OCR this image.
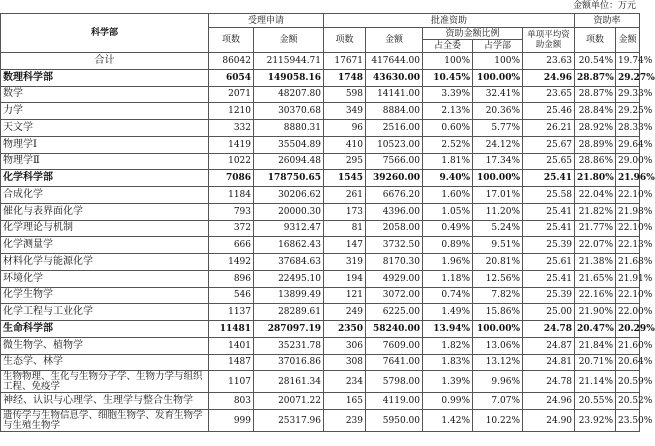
金额单位：万元
科学部	受理申请		批准资助					资助率	
	项数	金额	项数	金额	资助金额比例		单项平均资助金额	项数	金额
					占全委	占学部			
合计	86042	2115944.71	17671	417644.00	100%	100%	23.63	20.54%	19.74%
数理科学部	6054	149058.16	1748	43630.00	10.45%	100.00%	24.96	28.87%	29.27%
数学	2071	48207.80	598	14141.00	3.39%	32.41%	23.65	28.87%	29.33%
力学	1210	30370.68	349	8884.00	2.13%	20.36%	25.46	28.84%	29.25%
天文学	332	8880.31	96	2516.00	0.60%	5.77%	26.21	28.92%	28.33%
物理学Ⅰ	1419	35504.89	410	10523.00	2.52%	24.12%	25.67	28.89%	29.64%
物理学Ⅱ	1022	26094.48	295	7566.00	1.81%	17.34%	25.65	28.86%	29.00%
化学科学部	7086	178750.65	1545	39260.00	9.40%	100.00%	25.41	21.80%	21.96%
合成化学	1184	30206.62	261	6676.20	1.60%	17.01%	25.58	22.04%	22.10%
催化与表界面化学	793	20000.30	173	4396.00	1.05%	11.20%	25.41	21.82%	21.98%
化学理论与机制	372	9312.47	81	2058.00	0.49%	5.24%	25.41	21.77%	22.10%
化学测量学	666	16862.43	147	3732.50	0.89%	9.51%	25.39	22.07%	22.13%
材料化学与能源化学	1492	37684.63	319	8170.30	1.96%	20.81%	25.61	21.38%	21.68%
环境化学	896	22495.10	194	4929.00	1.18%	12.56%	25.41	21.65%	21.91%
化学生物学	546	13899.49	121	3072.00	0.74%	7.82%	25.39	22.16%	22.10%
化学工程与工业化学	1137	28289.61	249	6225.00	1.49%	15.86%	25.00	21.90%	22.00%
生命科学部	11481	287097.19	2350	58240.00	13.94%	100.00%	24.78	20.47%	20.29%
微生物学、植物学	1401	35231.78	306	7609.00	1.82%	13.06%	24.87	21.84%	21.60%
生态学、林学	1487	37016.86	308	7641.00	1.83%	13.12%	24.81	20.71%	20.64%
生物物理、生化与生物分子学、生物力学与组织工程、免疫学	1107	28161.34	234	5798.00	1.39%	9.96%	24.78	21.14%	20.59%
神经、认识与心理学、生理学与整合生物学	803	20071.22	165	4119.00	0.99%	7.07%	24.96	20.55%	20.52%
遗传学与生物信息学、细胞生物学、发育生物学与生殖生物学	999	25317.96	239	5950.00	1.42%	10.22%	24.90	23.92%	23.50%
